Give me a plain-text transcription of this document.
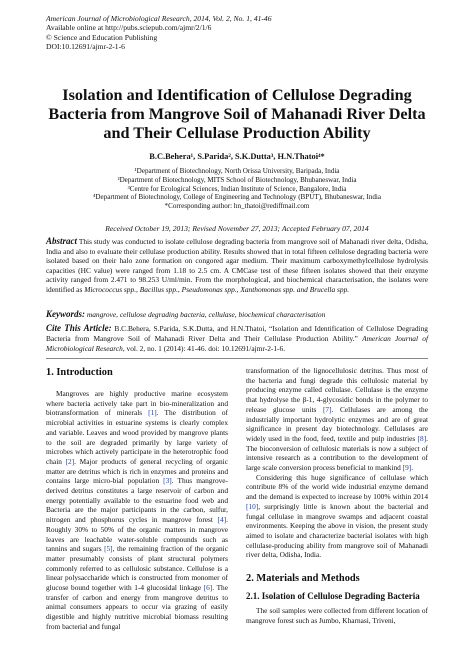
American Journal of Microbiological Research, 2014, Vol. 2, No. 1, 41-46
Available online at http://pubs.sciepub.com/ajmr/2/1/6
© Science and Education Publishing
DOI:10.12691/ajmr-2-1-6
Isolation and Identification of Cellulose Degrading
Bacteria from Mangrove Soil of Mahanadi River Delta
and Their Cellulase Production Ability
B.C.Behera¹, S.Parida², S.K.Dutta³, H.N.Thatoi⁴*
¹Department of Biotechnology, North Orissa University, Baripada, India
²Department of Biotechnology, MITS School of Biotechnology, Bhubaneswar, India
³Centre for Ecological Sciences, Indian Institute of Science, Bangalore, India
⁴Department of Biotechnology, College of Engineering and Technology (BPUT), Bhubaneswar, India
*Corresponding author: hn_thatoi@rediffmail.com
Received October 19, 2013; Revised November 27, 2013; Accepted February 07, 2014
Abstract This study was conducted to isolate cellulose degrading bacteria from mangrove soil of Mahanadi river delta, Odisha, India and also to evaluate their cellulase production ability. Results showed that in total fifteen cellulose degrading bacteria were isolated based on their halo zone formation on congored agar medium. Their maximum carboxymethylcellulose hydrolysis capacities (HC value) were ranged from 1.18 to 2.5 cm. A CMCase test of these fifteen isolates showed that their enzyme activity ranged from 2.471 to 98.253 U/ml/min. From the morphological, and biochemical characterisation, the isolates were identified as Micrococcus spp., Bacillus spp., Pseudomonas spp., Xanthomonas spp. and Brucella spp.
Keywords: mangrove, cellulose degrading bacteria, cellulase, biochemical characterisation
Cite This Article: B.C.Behera, S.Parida, S.K.Dutta, and H.N.Thatoi, “Isolation and Identification of Cellulose Degrading Bacteria from Mangrove Soil of Mahanadi River Delta and Their Cellulase Production Ability.” American Journal of Microbiological Research, vol. 2, no. 1 (2014): 41-46. doi: 10.12691/ajmr-2-1-6.
1. Introduction

Mangroves are highly productive marine ecosystem where bacteria actively take part in bio-mineralization and biotransformation of minerals [1]. The distribution of microbial activities in estuarine systems is clearly complex and variable. Leaves and wood provided by mangrove plants to the soil are degraded primarily by large variety of microbes which actively participate in the heterotrophic food chain [2]. Major products of general recycling of organic matter are detritus which is rich in enzymes and proteins and contains large micro-bial population [3]. Thus mangrove-derived detritus constitutes a large reservoir of carbon and energy potentially available to the estuarine food web and Bacteria are the major participants in the carbon, sulfur, nitrogen and phosphorus cycles in mangrove forest [4]. Roughly 30% to 50% of the organic matters in mangrove leaves are leachable water-soluble compounds such as tannins and sugars [5], the remaining fraction of the organic matter presumably consists of plant structural polymers commonly referred to as cellulosic substance. Cellulose is a linear polysaccharide which is constructed from monomer of glucose bound together with 1-4 glucosidal linkage [6]. The transfer of carbon and energy from mangrove detritus to animal consumers appears to occur via grazing of easily digestible and highly nutritive microbial biomass resulting from bacterial and fungal

transformation of the lignocellulosic detritus. Thus most of the bacteria and fungi degrade this cellulosic material by producing enzyme called cellulase. Cellulase is the enzyme that hydrolyse the β-1, 4-glycosidic bonds in the polymer to release glucose units [7]. Cellulases are among the industrially important hydrolytic enzymes and are of great significance in present day biotechnology. Cellulases are widely used in the food, feed, textile and pulp industries [8]. The bioconversion of cellulosic materials is now a subject of intensive research as a contribution to the development of large scale conversion process beneficial to mankind [9].

Considering this huge significance of cellulase which contribute 8% of the world wide industrial enzyme demand and the demand is expected to increase by 100% within 2014 [10], surprisingly little is known about the bacterial and fungal cellulase in mangrove swamps and adjacent coastal environments. Keeping the above in vision, the present study aimed to isolate and characterize bacterial isolates with high cellulase-producing ability from mangrove soil of Mahanadi river delta, Odisha, India.

2. Materials and Methods
2.1. Isolation of Cellulose Degrading Bacteria

The soil samples were collected from different location of mangrove forest such as Jumbo, Kharnasi, Triveni,
